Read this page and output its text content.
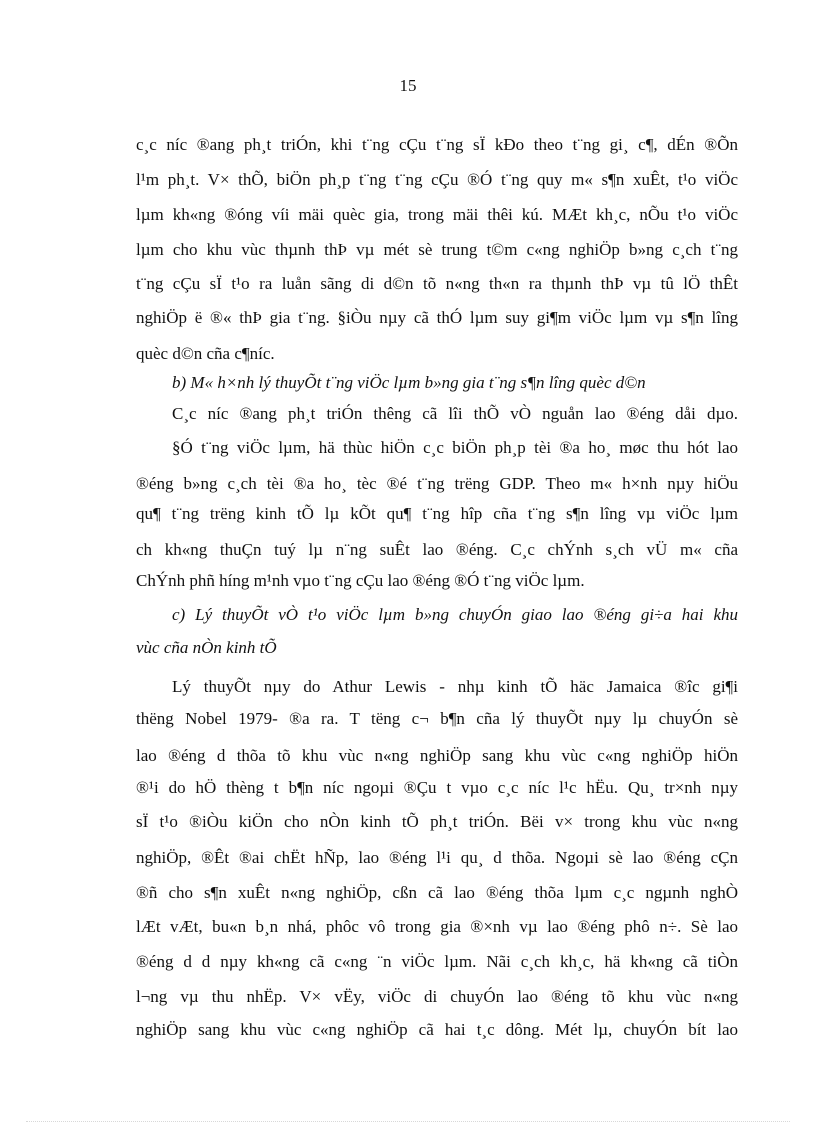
15
c¸c níc ®ang ph¸t triÓn, khi t¨ng cÇu t¨ng sÏ kÐo theo t¨ng gi¸ c¶, dÉn ®Õn
l¹m ph¸t. V× thÕ, biÖn ph¸p t¨ng t¨ng cÇu ®Ó t¨ng quy m« s¶n xuÊt, t¹o viÖc
lµm kh«ng ®óng víi mäi quèc gia, trong mäi thêi kú. MÆt kh¸c, nÕu t¹o viÖc
lµm cho khu vùc thµnh thÞ vµ mét sè trung t©m c«ng nghiÖp b»ng c¸ch t¨ng
t¨ng cÇu sÏ t¹o ra luån sãng di d©n tõ n«ng th«n ra thµnh thÞ vµ tû lÖ thÊt
nghiÖp ë ®« thÞ gia t¨ng. §iÒu nµy cã thÓ lµm suy gi¶m viÖc lµm vµ s¶n lîng
quèc d©n cña c¶níc.
b) M« h×nh lý thuyÕt t¨ng viÖc lµm b»ng gia t¨ng s¶n lîng quèc d©n
C¸c níc ®ang ph¸t triÓn thêng cã lîi thÕ vÒ nguån lao ®éng dåi dµo.
§Ó t¨ng viÖc lµm, hä thùc hiÖn c¸c biÖn ph¸p tèi ®a ho¸ møc thu hót lao
®éng b»ng c¸ch tèi ®a ho¸ tèc ®é t¨ng trëng GDP. Theo m« h×nh nµy hiÖu
qu¶ t¨ng trëng kinh tÕ lµ kÕt qu¶ t¨ng hîp cña t¨ng s¶n lîng vµ viÖc lµm
ch kh«ng thuÇn tuý lµ n¨ng suÊt lao ®éng. C¸c chÝnh s¸ch vÜ m« cña
ChÝnh phñ híng m¹nh vµo t¨ng cÇu lao ®éng ®Ó t¨ng viÖc lµm.
c) Lý thuyÕt vÒ t¹o viÖc lµm b»ng chuyÓn giao lao ®éng gi÷a hai khu
vùc cña nÒn kinh tÕ
Lý thuyÕt nµy do Athur Lewis - nhµ kinh tÕ häc Jamaica ®îc gi¶i
thëng Nobel 1979- ®a ra. T tëng c¬ b¶n cña lý thuyÕt nµy lµ chuyÓn sè
lao ®éng d thõa tõ khu vùc n«ng nghiÖp sang khu vùc c«ng nghiÖp hiÖn
®¹i do hÖ thèng t b¶n níc ngoµi ®Çu t vµo c¸c níc l¹c hËu. Qu¸ tr×nh nµy
sÏ t¹o ®iÒu kiÖn cho nÒn kinh tÕ ph¸t triÓn. Bëi v× trong khu vùc n«ng
nghiÖp, ®Êt ®ai chËt hÑp, lao ®éng l¹i qu¸ d thõa. Ngoµi sè lao ®éng cÇn
®ñ cho s¶n xuÊt n«ng nghiÖp, cßn cã lao ®éng thõa lµm c¸c ngµnh nghÒ
lÆt vÆt, bu«n b¸n nhá, phôc vô trong gia ®×nh vµ lao ®éng phô n÷. Sè lao
®éng d d nµy kh«ng cã c«ng ¨n viÖc lµm. Nãi c¸ch kh¸c, hä kh«ng cã tiÒn
l¬ng vµ thu nhËp. V× vËy, viÖc di chuyÓn lao ®éng tõ khu vùc n«ng
nghiÖp sang khu vùc c«ng nghiÖp cã hai t¸c dông. Mét lµ, chuyÓn bít lao
